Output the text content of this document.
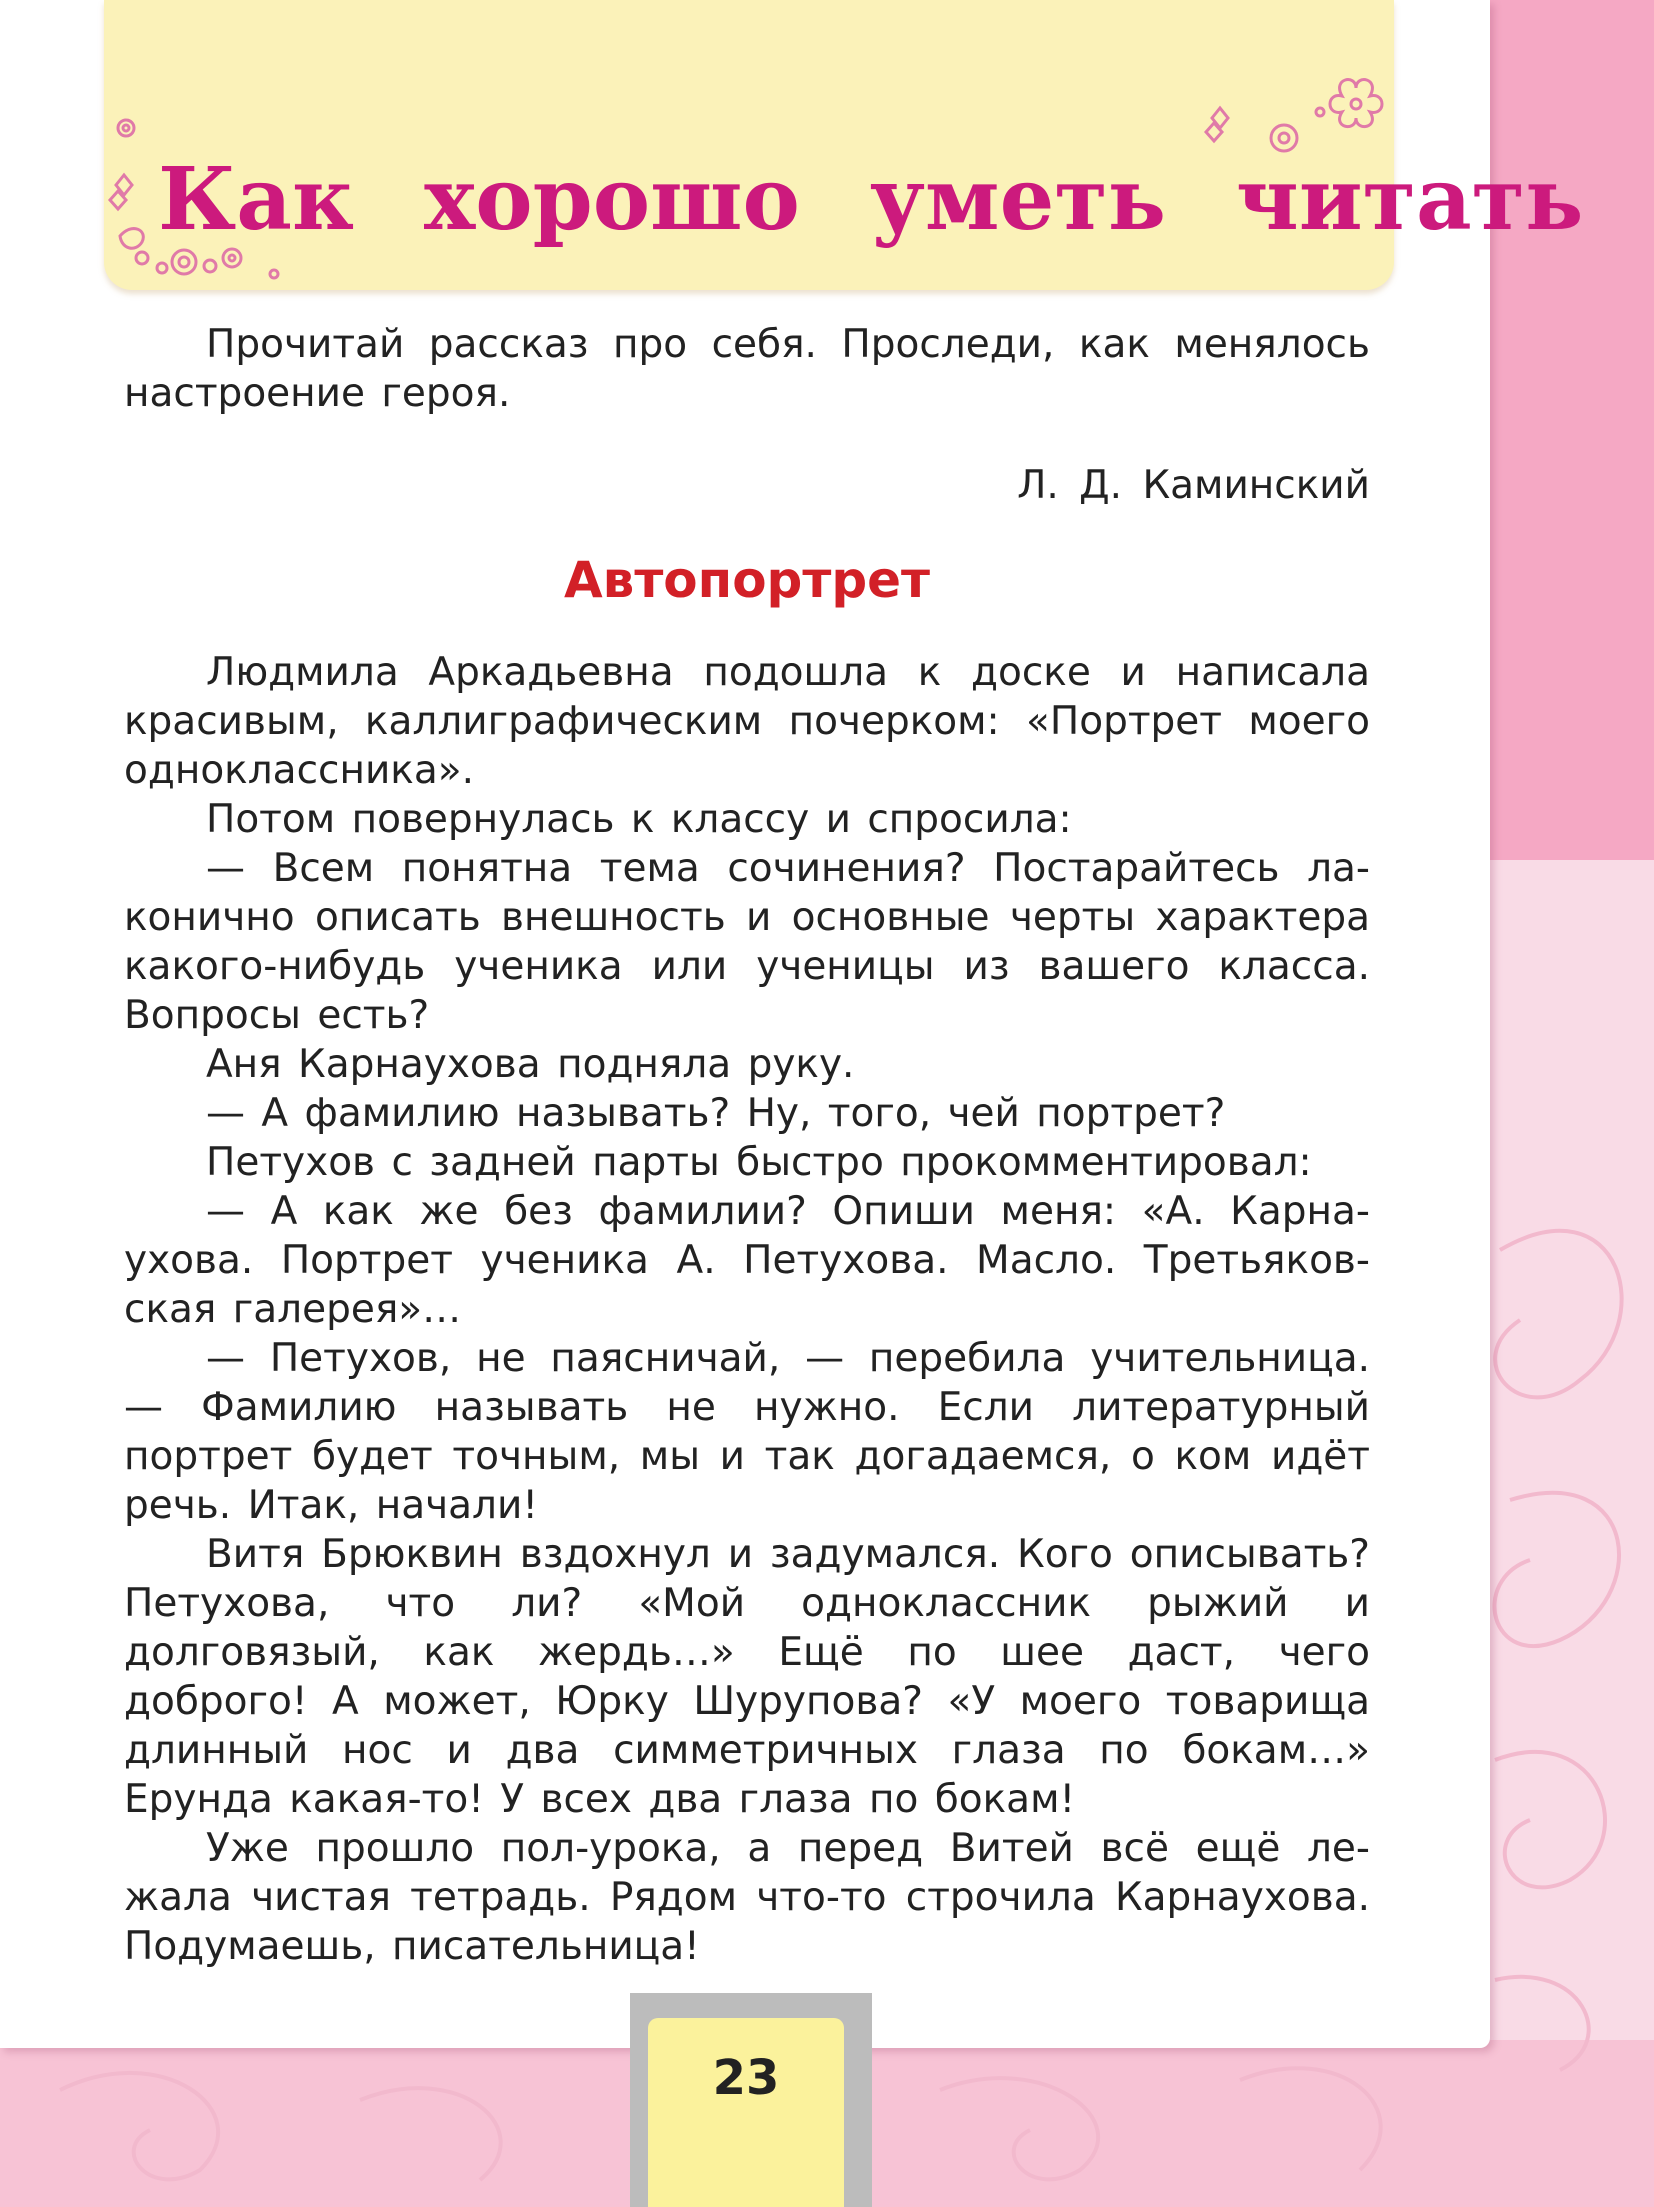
Как хорошо уметь читать

Прочитай рассказ про себя. Проследи, как менялось настроение героя.

Л. Д. Каминский

Автопортрет

Людмила Аркадьевна подошла к доске и написала красивым, каллиграфическим почерком: «Портрет моего одноклассника».

Потом повернулась к классу и спросила:

— Всем понятна тема сочинения? Постарайтесь лаконично описать внешность и основные черты характера какого-нибудь ученика или ученицы из вашего класса. Вопросы есть?

Аня Карнаухова подняла руку.

— А фамилию называть? Ну, того, чей портрет?

Петухов с задней парты быстро прокомментировал:

— А как же без фамилии? Опиши меня: «А. Карнаухова. Портрет ученика А. Петухова. Масло. Третьяковская галерея»…

— Петухов, не паясничай, — перебила учительница. — Фамилию называть не нужно. Если литературный портрет будет точным, мы и так догадаемся, о ком идёт речь. Итак, начали!

Витя Брюквин вздохнул и задумался. Кого описывать? Петухова, что ли? «Мой одноклассник рыжий и долговязый, как жердь…» Ещё по шее даст, чего доброго! А может, Юрку Шурупова? «У моего товарища длинный нос и два симметричных глаза по бокам…» Ерунда какая-то! У всех два глаза по бокам!

Уже прошло пол-урока, а перед Витей всё ещё лежала чистая тетрадь. Рядом что-то строчила Карнаухова. Подумаешь, писательница!

23
